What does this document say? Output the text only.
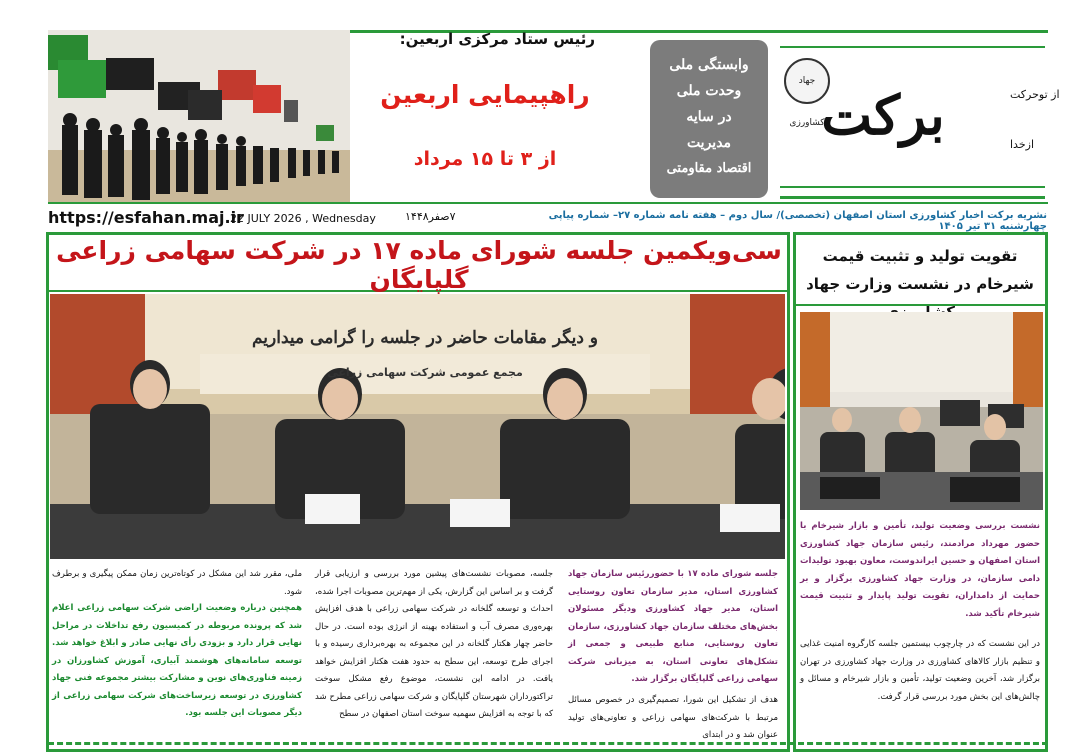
جهاد کشاورزی
برکت	از توحرکت
ازخدا
وابستگی ملی
وحدت ملی
در سایه
مدیریت
اقتصاد مقاومتی
رئیس ستاد مرکزی اربعین:
راهپیمایی اربعین
از ۳ تا ۱۵ مرداد
https://esfahan.maj.ir
22 JULY 2026 , Wednesday	۷صفر۱۴۴۸	نشریه برکت اخبار کشاورزی استان اصفهان (تخصصی)/ سال دوم – هفته نامه شماره ۲۷– شماره پیاپی چهارشنبه ۳۱ تیر ۱۴۰۵
سی‌ویکمین جلسه شورای ماده ۱۷ در شرکت سهامی زراعی گلپایگان
و دیگر مقامات حاضر در جلسه را گرامی میداریم
مجمع عمومی شرکت سهامی زراعی
جلسه شورای ماده ۱۷ با حضوررئیس سازمان جهاد کشاورزی استان، مدیر سازمان تعاون روستایی استان، مدیر جهاد کشاورزی ودیگر مسئولان بخش‌های مختلف سازمان جهاد کشاورزی، سازمان تعاون روستایی، منابع طبیعی و جمعی از تشکل‌های تعاونی استان، به میزبانی شرکت سهامی زراعی گلپایگان برگزار شد.
هدف از تشکیل این شورا، تصمیم‌گیری در خصوص مسائل مرتبط با شرکت‌های سهامی زراعی و تعاونی‌های تولید عنوان شد و در ابتدای
جلسه، مصوبات نشست‌های پیشین مورد بررسی و ارزیابی قرار گرفت و بر اساس این گزارش، یکی از مهم‌ترین مصوبات اجرا شده، احداث و توسعه گلخانه در شرکت سهامی زراعی با هدف افزایش بهره‌وری مصرف آب و استفاده بهینه از انرژی بوده است. در حال حاضر چهار هکتار گلخانه در این مجموعه به بهره‌برداری رسیده و با اجرای طرح توسعه، این سطح به حدود هفت هکتار افزایش خواهد یافت. در ادامه این نشست، موضوع رفع مشکل سوخت تراکتورداران شهرستان گلپایگان و شرکت سهامی زراعی مطرح شد که با توجه به افزایش سهمیه سوخت استان اصفهان در سطح
ملی، مقرر شد این مشکل در کوتاه‌ترین زمان ممکن پیگیری و برطرف شود.
همچنین درباره وضعیت اراضی شرکت سهامی زراعی اعلام شد که پرونده مربوطه در کمیسیون رفع تداخلات در مراحل نهایی قرار دارد و بزودی رأی نهایی صادر و ابلاغ خواهد شد. توسعه سامانه‌های هوشمند آبیاری، آموزش کشاورزان در زمینه فناوری‌های نوین و مشارکت بیشتر مجموعه فنی جهاد کشاورزی در توسعه زیرساخت‌های شرکت سهامی زراعی از دیگر مصوبات این جلسه بود.
تقویت تولید و تثبیت قیمت شیرخام در نشست وزارت جهاد
نشست بررسی وضعیت تولید، تأمین و بازار شیرخام با حضور مهرداد مرادمند، رئیس سازمان جهاد کشاورزی استان اصفهان و حسین ایراندوست، معاون بهبود تولیدات دامی سازمان، در وزارت جهاد کشاورزی برگزار و بر حمایت از دامداران، تقویت تولید پایدار و تثبیت قیمت شیرخام تأکید شد.
در این نشست که در چارچوب بیستمین جلسه کارگروه امنیت غذایی و تنظیم بازار کالاهای کشاورزی در وزارت جهاد کشاورزی در تهران برگزار شد، آخرین وضعیت تولید، تأمین و بازار شیرخام و مسائل و چالش‌های این بخش مورد بررسی قرار گرفت.
